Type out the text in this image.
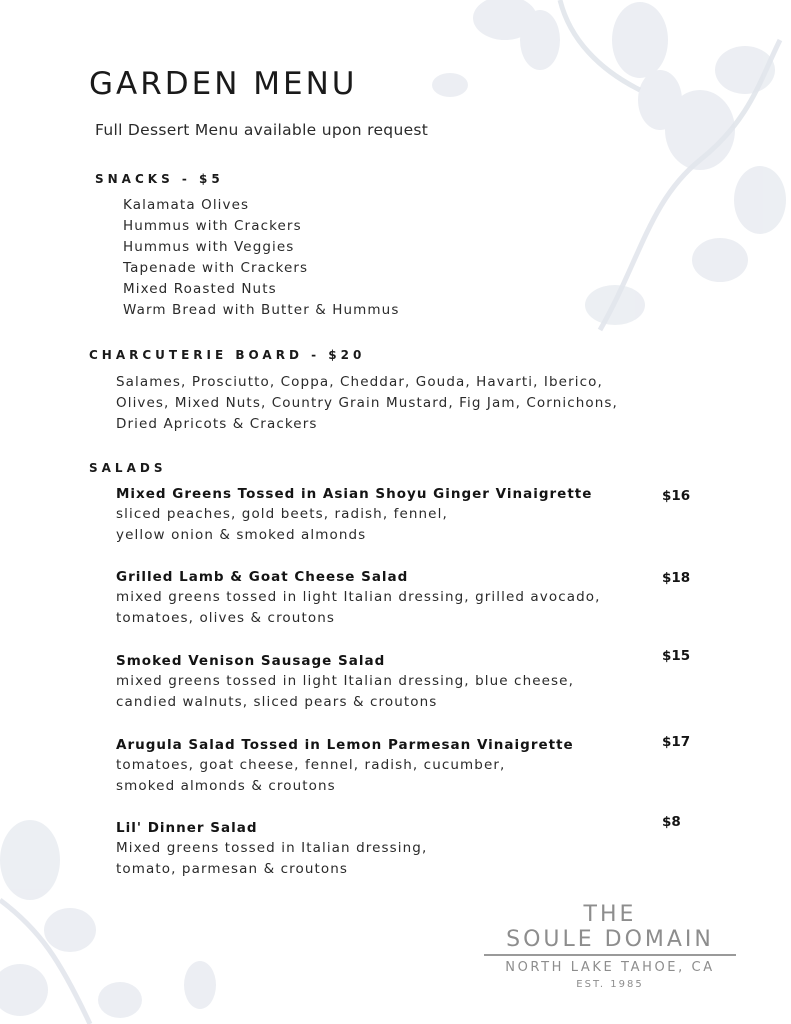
GARDEN MENU
Full Dessert Menu available upon request
SNACKS - $5
Kalamata Olives
Hummus with Crackers
Hummus with Veggies
Tapenade with Crackers
Mixed Roasted Nuts
Warm Bread with Butter & Hummus
CHARCUTERIE BOARD - $20
Salames, Prosciutto, Coppa, Cheddar, Gouda, Havarti, Iberico,
Olives, Mixed Nuts, Country Grain Mustard, Fig Jam, Cornichons,
Dried Apricots & Crackers
SALADS
Mixed Greens Tossed in Asian Shoyu Ginger Vinaigrette
sliced peaches, gold beets, radish, fennel,
yellow onion & smoked almonds
$16
Grilled Lamb & Goat Cheese Salad
mixed greens tossed in light Italian dressing, grilled avocado,
tomatoes, olives & croutons
$18
Smoked Venison Sausage Salad
mixed greens tossed in light Italian dressing, blue cheese,
candied walnuts, sliced pears & croutons
$15
Arugula Salad Tossed in Lemon Parmesan Vinaigrette
tomatoes, goat cheese, fennel, radish, cucumber,
smoked almonds & croutons
$17
Lil' Dinner Salad
Mixed greens tossed in Italian dressing,
tomato, parmesan & croutons
$8
THE
SOULE DOMAIN
NORTH LAKE TAHOE, CA
EST. 1985
